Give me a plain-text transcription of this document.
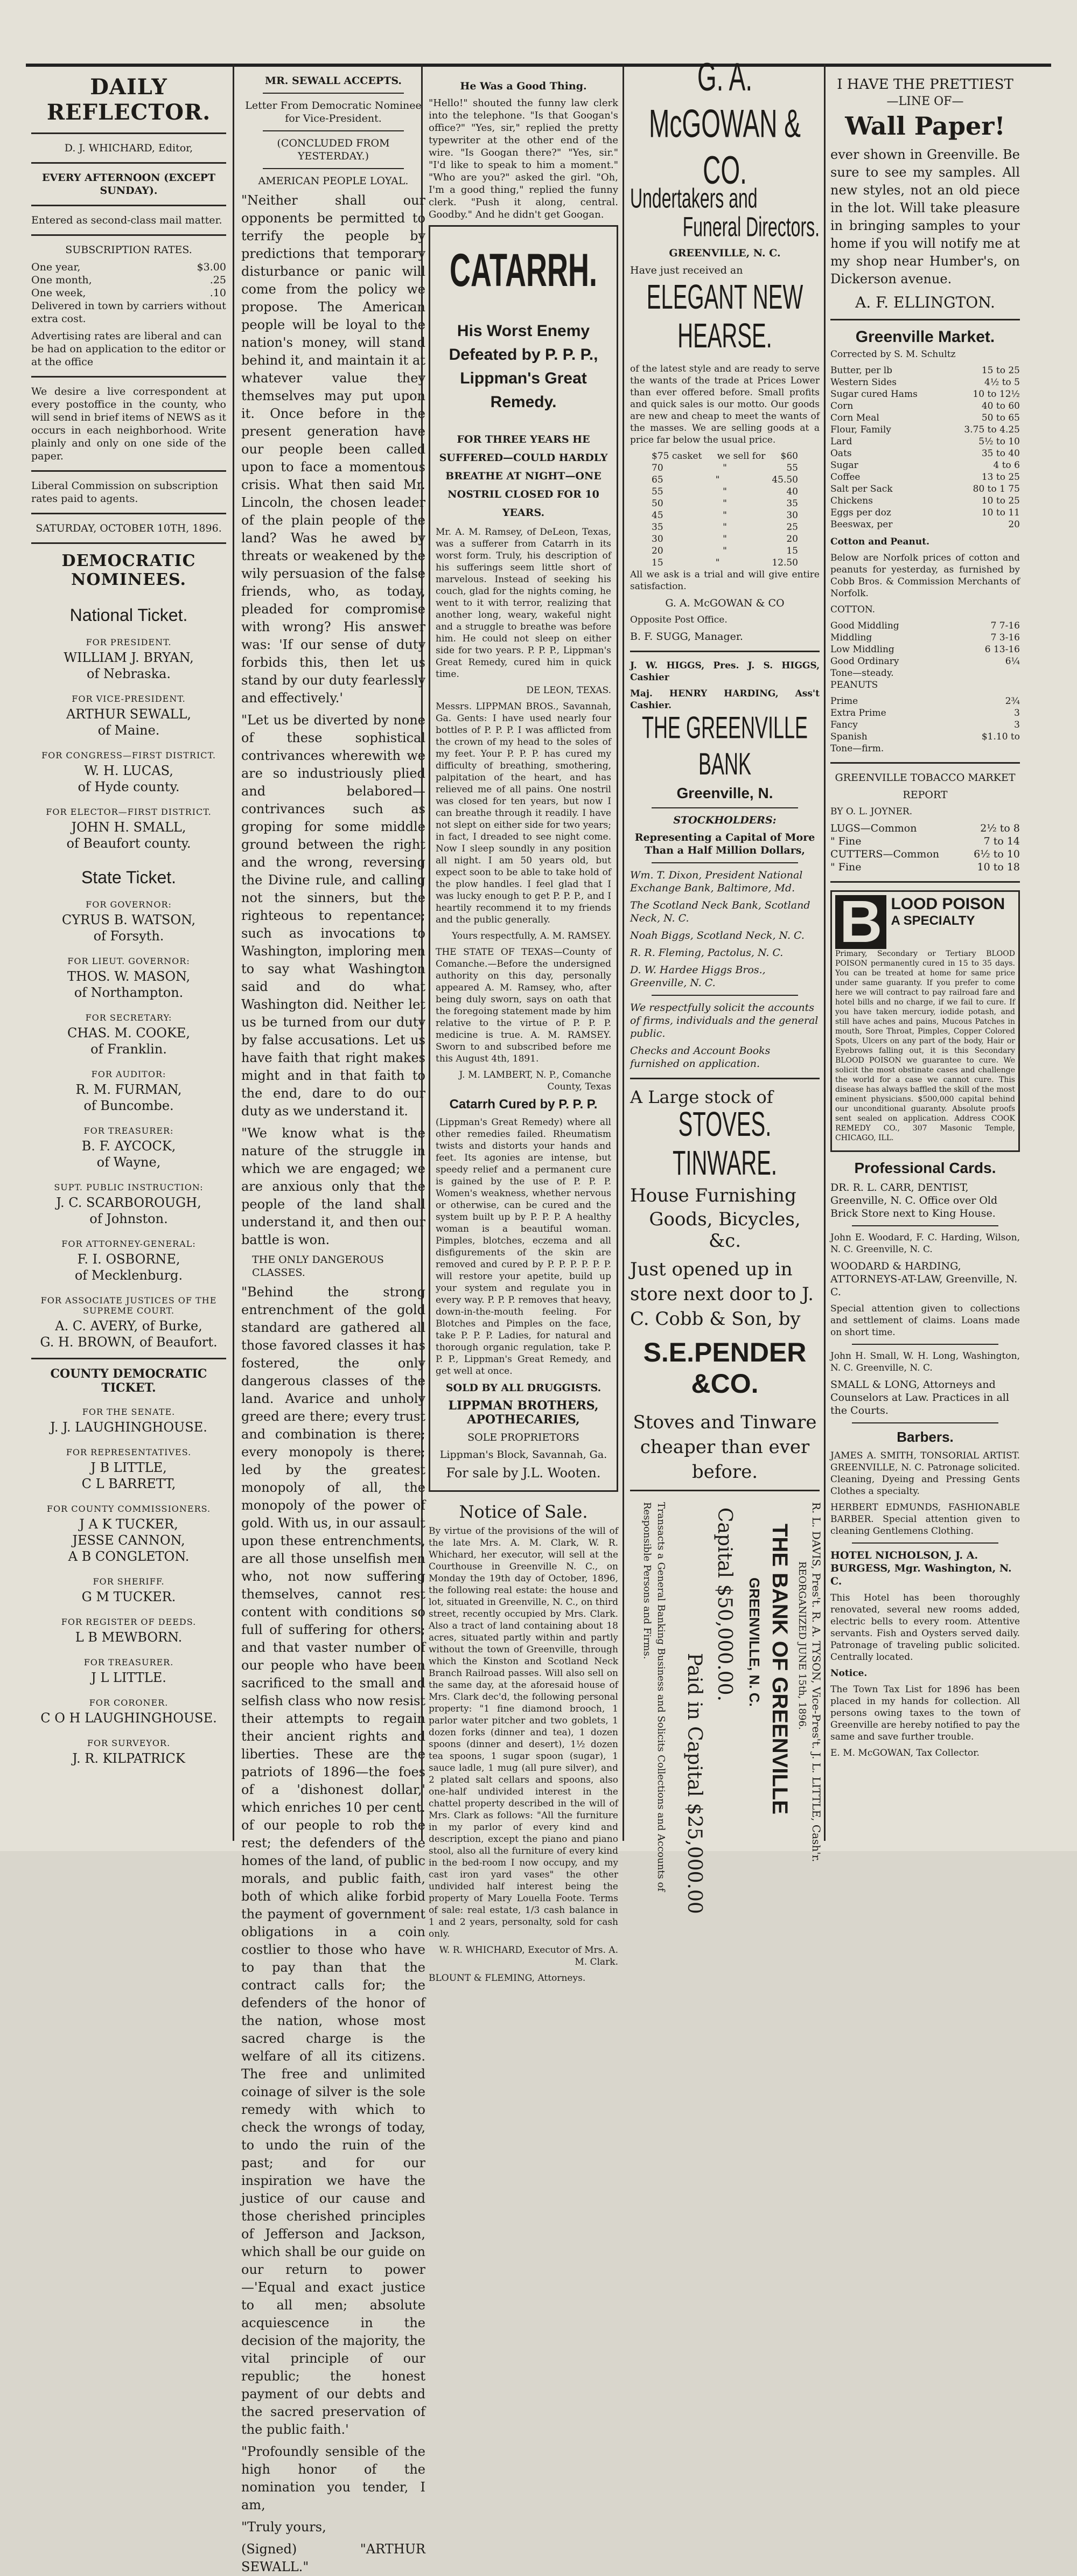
DAILY REFLECTOR.

D. J. WHICHARD, Editor,

EVERY AFTERNOON (EXCEPT SUNDAY).

Entered as second-class mail matter.

SUBSCRIPTION RATES.

One year,	$3.00
One month,	.25
One week,	.10

Delivered in town by carriers without extra cost.

Advertising rates are liberal and can be had on application to the editor or at the office

We desire a live correspondent at every postoffice in the county, who will send in brief items of NEWS as it occurs in each neighborhood. Write plainly and only on one side of the paper.

Liberal Commission on subscription rates paid to agents.

SATURDAY, OCTOBER 10TH, 1896.

DEMOCRATIC NOMINEES.
National Ticket.

FOR PRESIDENT.

WILLIAM J. BRYAN,

of Nebraska.

FOR VICE-PRESIDENT.

ARTHUR SEWALL,

of Maine.

FOR CONGRESS—FIRST DISTRICT.

W. H. LUCAS,

of Hyde county.

FOR ELECTOR—FIRST DISTRICT.

JOHN H. SMALL,

of Beaufort county.

State Ticket.

FOR GOVERNOR:

CYRUS B. WATSON,

of Forsyth.

FOR LIEUT. GOVERNOR:

THOS. W. MASON,

of Northampton.

FOR SECRETARY:

CHAS. M. COOKE,

of Franklin.

FOR AUDITOR:

R. M. FURMAN,

of Buncombe.

FOR TREASURER:

B. F. AYCOCK,

of Wayne,

SUPT. PUBLIC INSTRUCTION:

J. C. SCARBOROUGH,

of Johnston.

FOR ATTORNEY-GENERAL:

F. I. OSBORNE,

of Mecklenburg.

FOR ASSOCIATE JUSTICES OF THE SUPREME COURT.

A. C. AVERY, of Burke,

G. H. BROWN, of Beaufort.

COUNTY DEMOCRATIC TICKET.

FOR THE SENATE.

J. J. LAUGHINGHOUSE.

FOR REPRESENTATIVES.

J B LITTLE,

C L BARRETT,

FOR COUNTY COMMISSIONERS.

J A K TUCKER,

JESSE CANNON,

A B CONGLETON.

FOR SHERIFF.

G M TUCKER.

FOR REGISTER OF DEEDS.

L B MEWBORN.

FOR TREASURER.

J L LITTLE.

FOR CORONER.

C O H LAUGHINGHOUSE.

FOR SURVEYOR.

J. R. KILPATRICK

MR. SEWALL ACCEPTS.

Letter From Democratic Nominee for Vice-President.

(CONCLUDED FROM YESTERDAY.)

AMERICAN PEOPLE LOYAL.

"Neither shall our opponents be permitted to terrify the people by predictions that temporary disturbance or panic will come from the policy we propose. The American people will be loyal to the nation's money, will stand behind it, and maintain it at whatever value they themselves may put upon it. Once before in the present generation have our people been called upon to face a momentous crisis. What then said Mr. Lincoln, the chosen leader of the plain people of the land? Was he awed by threats or weakened by the wily persuasion of the false friends, who, as today, pleaded for compromise with wrong? His answer was: 'If our sense of duty forbids this, then let us stand by our duty fearlessly and effectively.'

"Let us be diverted by none of these sophistical contrivances wherewith we are so industriously plied and belabored—contrivances such as groping for some middle ground between the right and the wrong, reversing the Divine rule, and calling not the sinners, but the righteous to repentance; such as invocations to Washington, imploring men to say what Washington said and do what Washington did. Neither let us be turned from our duty by false accusations. Let us have faith that right makes might and in that faith to the end, dare to do our duty as we understand it.

"We know what is the nature of the struggle in which we are engaged; we are anxious only that the people of the land shall understand it, and then our battle is won.

THE ONLY DANGEROUS CLASSES.

"Behind the strong entrenchment of the gold standard are gathered all those favored classes it has fostered, the only dangerous classes of the land. Avarice and unholy greed are there; every trust and combination is there; every monopoly is there; led by the greatest monopoly of all, the monopoly of the power of gold. With us, in our assault upon these entrenchments, are all those unselfish men who, not now suffering themselves, cannot rest content with conditions so full of suffering for others; and that vaster number of our people who have been sacrificed to the small and selfish class who now resist their attempts to regain their ancient rights and liberties. These are the patriots of 1896—the foes of a 'dishonest dollar,' which enriches 10 per cent. of our people to rob the rest; the defenders of the homes of the land, of public morals, and public faith, both of which alike forbid the payment of government obligations in a coin costlier to those who have to pay than that the contract calls for; the defenders of the honor of the nation, whose most sacred charge is the welfare of all its citizens. The free and unlimited coinage of silver is the sole remedy with which to check the wrongs of today, to undo the ruin of the past; and for our inspiration we have the justice of our cause and those cherished principles of Jefferson and Jackson, which shall be our guide on our return to power—'Equal and exact justice to all men; absolute acquiescence in the decision of the majority, the vital principle of our republic; the honest payment of our debts and the sacred preservation of the public faith.'

"Profoundly sensible of the high honor of the nomination you tender, I am,

"Truly yours,

(Signed) "ARTHUR SEWALL."

He Was a Good Thing.

"Hello!" shouted the funny law clerk into the telephone. "Is that Googan's office?" "Yes, sir," replied the pretty typewriter at the other end of the wire. "Is Googan there?" "Yes, sir." "I'd like to speak to him a moment." "Who are you?" asked the girl. "Oh, I'm a good thing," replied the funny clerk. "Push it along, central. Goodby." And he didn't get Googan.

CATARRH.

His Worst Enemy Defeated by P. P. P., Lippman's Great Remedy.

FOR THREE YEARS HE SUFFERED—COULD HARDLY BREATHE AT NIGHT—ONE NOSTRIL CLOSED FOR 10 YEARS.

Mr. A. M. Ramsey, of DeLeon, Texas, was a sufferer from Catarrh in its worst form. Truly, his description of his sufferings seem little short of marvelous. Instead of seeking his couch, glad for the nights coming, he went to it with terror, realizing that another long, weary, wakeful night and a struggle to breathe was before him. He could not sleep on either side for two years. P. P. P., Lippman's Great Remedy, cured him in quick time.

DE LEON, TEXAS.

Messrs. LIPPMAN BROS., Savannah, Ga. Gents: I have used nearly four bottles of P. P. P. I was afflicted from the crown of my head to the soles of my feet. Your P. P. P. has cured my difficulty of breathing, smothering, palpitation of the heart, and has relieved me of all pains. One nostril was closed for ten years, but now I can breathe through it readily. I have not slept on either side for two years; in fact, I dreaded to see night come. Now I sleep soundly in any position all night. I am 50 years old, but expect soon to be able to take hold of the plow handles. I feel glad that I was lucky enough to get P. P. P., and I heartily recommend it to my friends and the public generally.

Yours respectfully, A. M. RAMSEY.

THE STATE OF TEXAS—County of Comanche.—Before the undersigned authority on this day, personally appeared A. M. Ramsey, who, after being duly sworn, says on oath that the foregoing statement made by him relative to the virtue of P. P. P. medicine is true. A. M. RAMSEY. Sworn to and subscribed before me this August 4th, 1891.

J. M. LAMBERT, N. P., Comanche County, Texas

Catarrh Cured by P. P. P.

(Lippman's Great Remedy) where all other remedies failed. Rheumatism twists and distorts your hands and feet. Its agonies are intense, but speedy relief and a permanent cure is gained by the use of P. P. P. Women's weakness, whether nervous or otherwise, can be cured and the system built up by P. P. P. A healthy woman is a beautiful woman. Pimples, blotches, eczema and all disfigurements of the skin are removed and cured by P. P. P. P. P. P. will restore your apetite, build up your system and regulate you in every way. P. P. P. removes that heavy, down-in-the-mouth feeling. For Blotches and Pimples on the face, take P. P. P. Ladies, for natural and thorough organic regulation, take P. P. P., Lippman's Great Remedy, and get well at once.

SOLD BY ALL DRUGGISTS.

LIPPMAN BROTHERS, APOTHECARIES,

SOLE PROPRIETORS

Lippman's Block, Savannah, Ga.

For sale by J.L. Wooten.

Notice of Sale.

By virtue of the provisions of the will of the late Mrs. A. M. Clark, W. R. Whichard, her executor, will sell at the Courthouse in Greenville N. C., on Monday the 19th day of October, 1896, the following real estate: the house and lot, situated in Greenville, N. C., on third street, recently occupied by Mrs. Clark. Also a tract of land containing about 18 acres, situated partly within and partly without the town of Greenville, through which the Kinston and Scotland Neck Branch Railroad passes. Will also sell on the same day, at the aforesaid house of Mrs. Clark dec'd, the following personal property: "1 fine diamond brooch, 1 parlor water pitcher and two goblets, 1 dozen forks (dinner and tea), 1 dozen spoons (dinner and desert), 1½ dozen tea spoons, 1 sugar spoon (sugar), 1 sauce ladle, 1 mug (all pure silver), and 2 plated salt cellars and spoons, also one-half undivided interest in the chattel property described in the will of Mrs. Clark as follows: "All the furniture in my parlor of every kind and description, except the piano and piano stool, also all the furniture of every kind in the bed-room I now occupy, and my cast iron yard vases" the other undivided half interest being the property of Mary Louella Foote. Terms of sale: real estate, 1/3 cash balance in 1 and 2 years, personalty, sold for cash only.

W. R. WHICHARD, Executor of Mrs. A. M. Clark.

BLOUNT & FLEMING, Attorneys.

G. A. McGOWAN & CO.
Undertakers and
Funeral Directors.

GREENVILLE, N. C.

Have just received an

ELEGANT NEW HEARSE.

of the latest style and are ready to serve the wants of the trade at Prices Lower than ever offered before. Small profits and quick sales is our motto. Our goods are new and cheap to meet the wants of the masses. We are selling goods at a price far below the usual price.

$75 casket we sell for $60
70	"	55
65	"	45.50
55	"	40
50	"	35
45	"	30
35	"	25
30	"	20
20	"	15
15	"	12.50

All we ask is a trial and will give entire satisfaction.

G. A. McGOWAN & CO

Opposite Post Office.

B. F. SUGG, Manager.

J. W. HIGGS, Pres. J. S. HIGGS, Cashier

Maj. HENRY HARDING, Ass't Cashier.

THE GREENVILLE BANK

Greenville, N.

STOCKHOLDERS:

Representing a Capital of More Than a Half Million Dollars,

Wm. T. Dixon, President National Exchange Bank, Baltimore, Md.

The Scotland Neck Bank, Scotland Neck, N. C.

Noah Biggs, Scotland Neck, N. C.

R. R. Fleming, Pactolus, N. C.

D. W. Hardee Higgs Bros., Greenville, N. C.

We respectfully solicit the accounts of firms, individuals and the general public.

Checks and Account Books furnished on application.

A Large stock of

STOVES. TINWARE.

House Furnishing

Goods, Bicycles, &c.

Just opened up in store next door to J. C. Cobb & Son, by

S.E.PENDER

&CO.

Stoves and Tinware cheaper than ever before.

R. L. DAVIS, Pres't. R. A. TYSON, Vice-Pres't. J. L. LITTLE, Cash'r.
REORGANIZED JUNE 15th, 1896.
THE BANK OF GREENVILLE
GREENVILLE, N. C.
Capital $50,000.00.
Paid in Capital $25,000.00
Transacts a General Banking Business and Solicits Collections and Accounts of Responsible Persons and Firms.

I HAVE THE PRETTIEST

—LINE OF—

Wall Paper!

ever shown in Greenville. Be sure to see my samples. All new styles, not an old piece in the lot. Will take pleasure in bringing samples to your home if you will notify me at my shop near Humber's, on Dickerson avenue.

A. F. ELLINGTON.

Greenville Market.

Corrected by S. M. Schultz

Butter, per lb	15 to 25
Western Sides	4½ to 5
Sugar cured Hams	10 to 12½
Corn	40 to 60
Corn Meal	50 to 65
Flour, Family	3.75 to 4.25
Lard	5½ to 10
Oats	35 to 40
Sugar	4 to 6
Coffee	13 to 25
Salt per Sack	80 to 1 75
Chickens	10 to 25
Eggs per doz	10 to 11
Beeswax, per	20

Cotton and Peanut.

Below are Norfolk prices of cotton and peanuts for yesterday, as furnished by Cobb Bros. & Commission Merchants of Norfolk.

COTTON.

Good Middling	7 7-16
Middling	7 3-16
Low Middling	6 13-16
Good Ordinary	6¼
Tone—steady.

PEANUTS

Prime	2¾
Extra Prime	3
Fancy	3
Spanish	$1.10 to
Tone—firm.

GREENVILLE TOBACCO MARKET

REPORT

BY O. L. JOYNER.

LUGS—Common	2½ to 8
" Fine	7 to 14
CUTTERS—Common	6½ to 10
" Fine	10 to 18
B LOOD POISON
A SPECIALTY

Primary, Secondary or Tertiary BLOOD POISON permanently cured in 15 to 35 days. You can be treated at home for same price under same guaranty. If you prefer to come here we will contract to pay railroad fare and hotel bills and no charge, if we fail to cure. If you have taken mercury, iodide potash, and still have aches and pains, Mucous Patches in mouth, Sore Throat, Pimples, Copper Colored Spots, Ulcers on any part of the body, Hair or Eyebrows falling out, it is this Secondary BLOOD POISON we guarantee to cure. We solicit the most obstinate cases and challenge the world for a case we cannot cure. This disease has always baffled the skill of the most eminent physicians. $500,000 capital behind our unconditional guaranty. Absolute proofs sent sealed on application. Address COOK REMEDY CO., 307 Masonic Temple, CHICAGO, ILL.

Professional Cards.

DR. R. L. CARR, DENTIST, Greenville, N. C. Office over Old Brick Store next to King House.

John E. Woodard, F. C. Harding, Wilson, N. C. Greenville, N. C.

WOODARD & HARDING, ATTORNEYS-AT-LAW, Greenville, N. C.

Special attention given to collections and settlement of claims. Loans made on short time.

John H. Small, W. H. Long, Washington, N. C. Greenville, N. C.

SMALL & LONG, Attorneys and Counselors at Law. Practices in all the Courts.

Barbers.

JAMES A. SMITH, TONSORIAL ARTIST. GREENVILLE, N. C. Patronage solicited. Cleaning, Dyeing and Pressing Gents Clothes a specialty.

HERBERT EDMUNDS, FASHIONABLE BARBER. Special attention given to cleaning Gentlemens Clothing.

HOTEL NICHOLSON, J. A. BURGESS, Mgr. Washington, N. C.

This Hotel has been thoroughly renovated, several new rooms added, electric bells to every room. Attentive servants. Fish and Oysters served daily. Patronage of traveling public solicited. Centrally located.

Notice.

The Town Tax List for 1896 has been placed in my hands for collection. All persons owing taxes to the town of Greenville are hereby notified to pay the same and save further trouble.

E. M. McGOWAN, Tax Collector.
